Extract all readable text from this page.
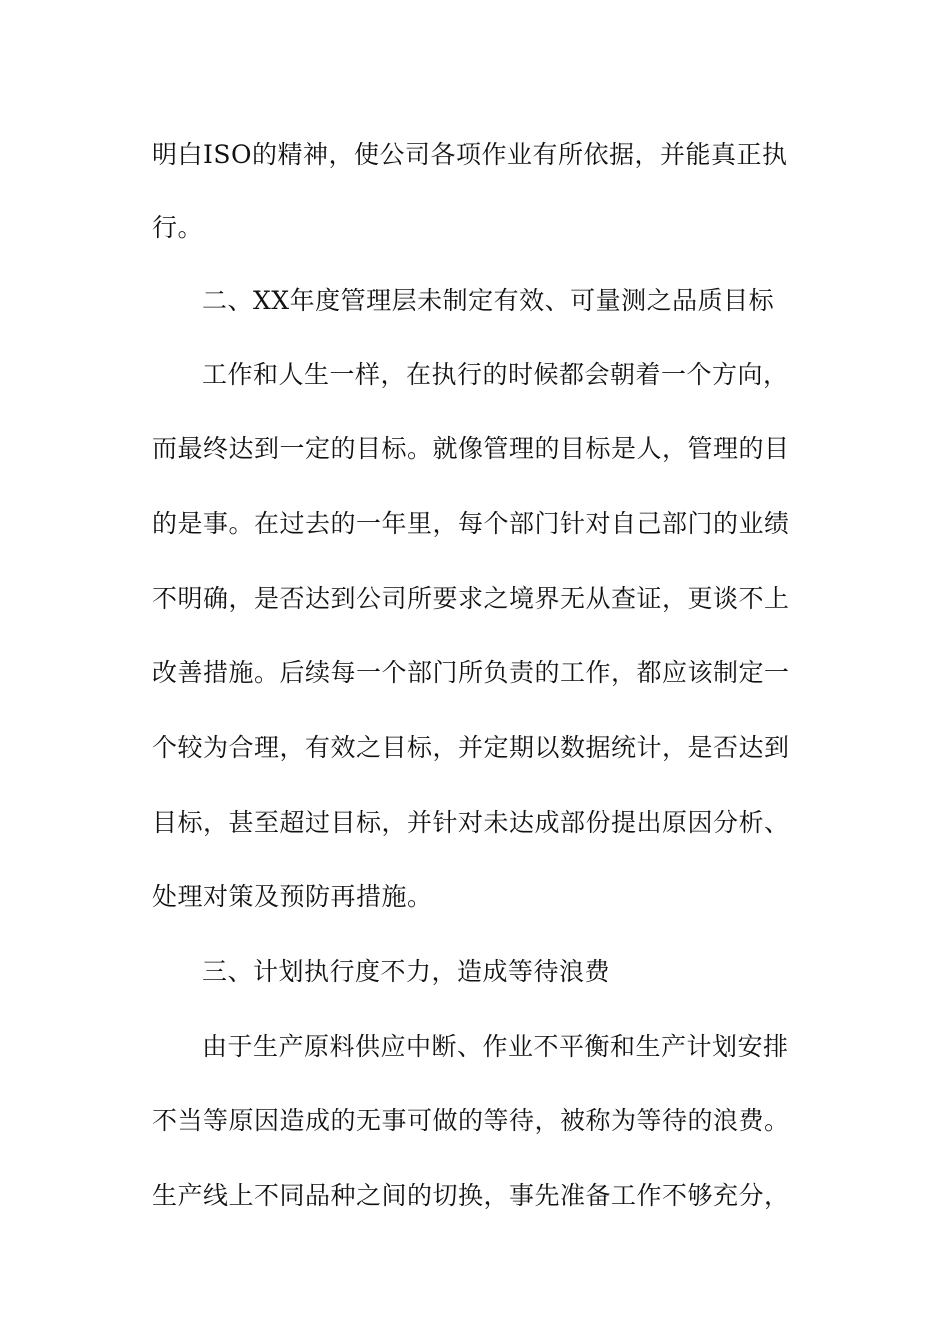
明白ISO的精神，使公司各项作业有所依据，并能真正执
行。
二、XX年度管理层未制定有效、可量测之品质目标
工作和人生一样，在执行的时候都会朝着一个方向，
而最终达到一定的目标。就像管理的目标是人，管理的目
的是事。在过去的一年里，每个部门针对自己部门的业绩
不明确，是否达到公司所要求之境界无从查证，更谈不上
改善措施。后续每一个部门所负责的工作，都应该制定一
个较为合理，有效之目标，并定期以数据统计，是否达到
目标，甚至超过目标，并针对未达成部份提出原因分析、
处理对策及预防再措施。
三、计划执行度不力，造成等待浪费
由于生产原料供应中断、作业不平衡和生产计划安排
不当等原因造成的无事可做的等待，被称为等待的浪费。
生产线上不同品种之间的切换，事先准备工作不够充分，
